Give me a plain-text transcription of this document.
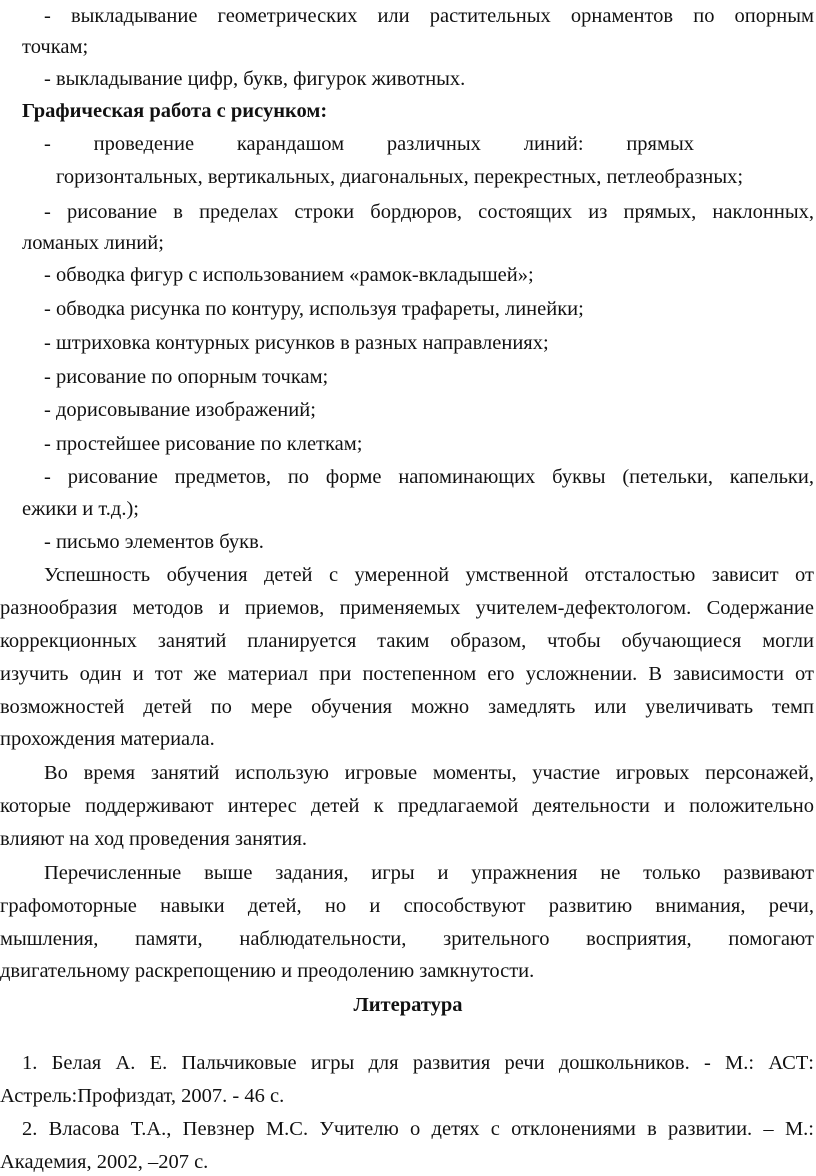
- выкладывание геометрических или растительных орнаментов по опорным
точкам;
- выкладывание цифр, букв, фигурок животных.
Графическая работа с рисунком:
- проведение карандашом различных линий: прямых
горизонтальных, вертикальных, диагональных, перекрестных, петлеобразных;
- рисование в пределах строки бордюров, состоящих из прямых, наклонных,
ломаных линий;
- обводка фигур с использованием «рамок-вкладышей»;
- обводка рисунка по контуру, используя трафареты, линейки;
- штриховка контурных рисунков в разных направлениях;
- рисование по опорным точкам;
- дорисовывание изображений;
- простейшее рисование по клеткам;
- рисование предметов, по форме напоминающих буквы (петельки, капельки,
ежики и т.д.);
- письмо элементов букв.
Успешность обучения детей с умеренной умственной отсталостью зависит от
разнообразия методов и приемов, применяемых учителем-дефектологом. Содержание
коррекционных занятий планируется таким образом, чтобы обучающиеся могли
изучить один и тот же материал при постепенном его усложнении. В зависимости от
возможностей детей по мере обучения можно замедлять или увеличивать темп
прохождения материала.
Во время занятий использую игровые моменты, участие игровых персонажей,
которые поддерживают интерес детей к предлагаемой деятельности и положительно
влияют на ход проведения занятия.
Перечисленные выше задания, игры и упражнения не только развивают
графомоторные навыки детей, но и способствуют развитию внимания, речи,
мышления, памяти, наблюдательности, зрительного восприятия, помогают
двигательному раскрепощению и преодолению замкнутости.
Литература
1. Белая А. Е. Пальчиковые игры для развития речи дошкольников. - М.: АСТ:
Астрель:Профиздат, 2007. - 46 с.
2. Власова Т.А., Певзнер М.С. Учителю о детях с отклонениями в развитии. – М.:
Академия, 2002, –207 с.
